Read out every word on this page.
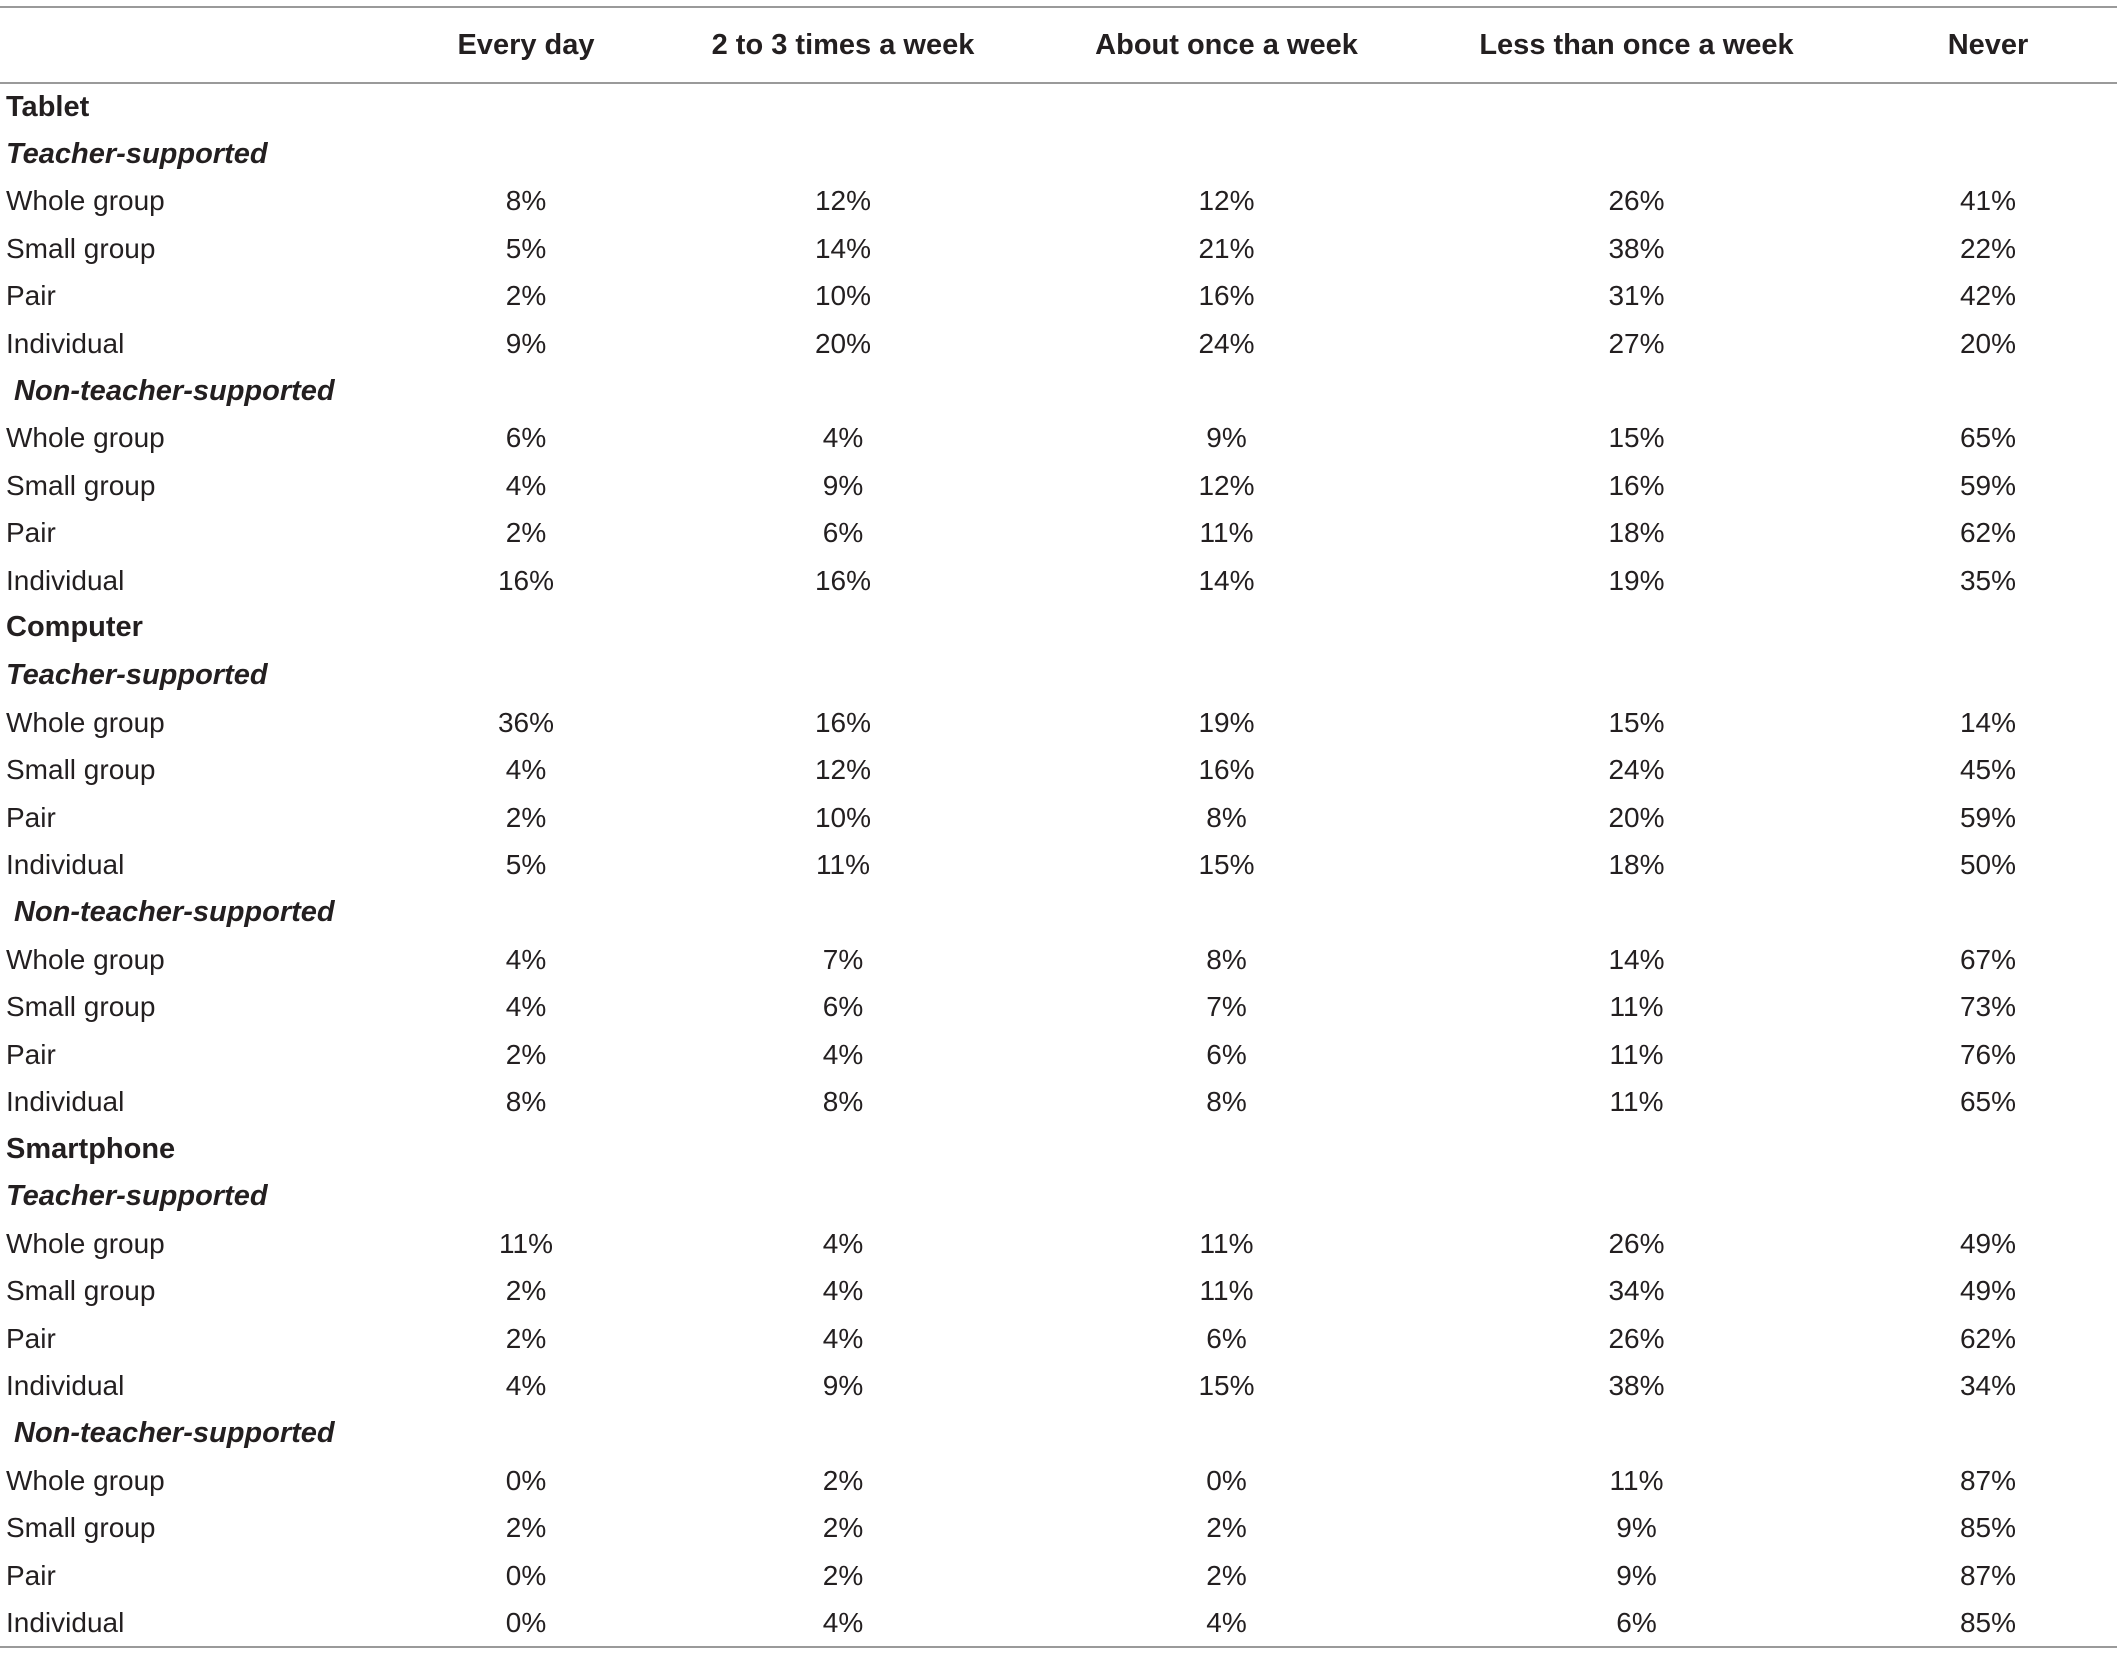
	Every day	2 to 3 times a week	About once a week	Less than once a week	Never
Tablet					
Teacher-supported					
Whole group	8%	12%	12%	26%	41%
Small group	5%	14%	21%	38%	22%
Pair	2%	10%	16%	31%	42%
Individual	9%	20%	24%	27%	20%
Non-teacher-supported					
Whole group	6%	4%	9%	15%	65%
Small group	4%	9%	12%	16%	59%
Pair	2%	6%	11%	18%	62%
Individual	16%	16%	14%	19%	35%
Computer					
Teacher-supported					
Whole group	36%	16%	19%	15%	14%
Small group	4%	12%	16%	24%	45%
Pair	2%	10%	8%	20%	59%
Individual	5%	11%	15%	18%	50%
Non-teacher-supported					
Whole group	4%	7%	8%	14%	67%
Small group	4%	6%	7%	11%	73%
Pair	2%	4%	6%	11%	76%
Individual	8%	8%	8%	11%	65%
Smartphone					
Teacher-supported					
Whole group	11%	4%	11%	26%	49%
Small group	2%	4%	11%	34%	49%
Pair	2%	4%	6%	26%	62%
Individual	4%	9%	15%	38%	34%
Non-teacher-supported					
Whole group	0%	2%	0%	11%	87%
Small group	2%	2%	2%	9%	85%
Pair	0%	2%	2%	9%	87%
Individual	0%	4%	4%	6%	85%
